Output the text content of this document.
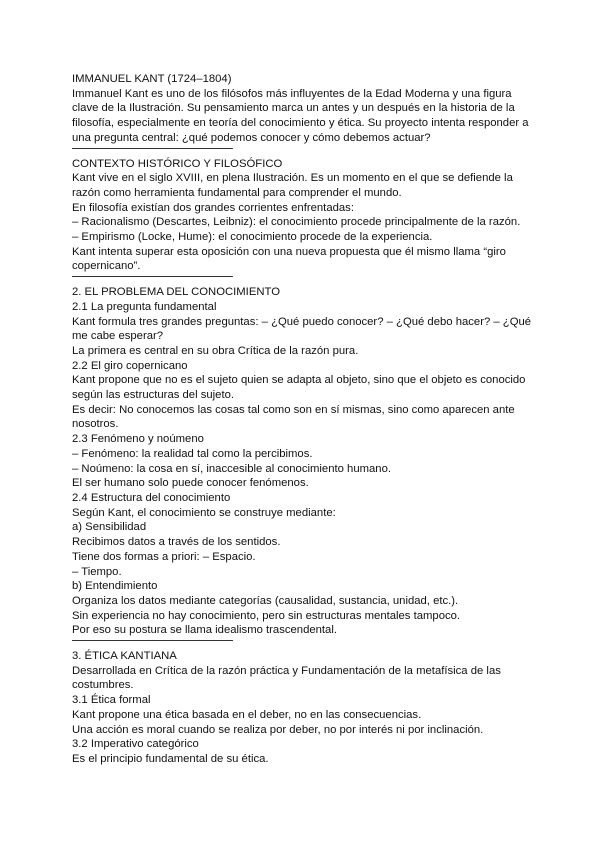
IMMANUEL KANT (1724–1804)

Immanuel Kant es uno de los filósofos más influyentes de la Edad Moderna y una figura clave de la Ilustración. Su pensamiento marca un antes y un después en la historia de la filosofía, especialmente en teoría del conocimiento y ética. Su proyecto intenta responder a una pregunta central: ¿qué podemos conocer y cómo debemos actuar?

CONTEXTO HISTÓRICO Y FILOSÓFICO

Kant vive en el siglo XVIII, en plena Ilustración. Es un momento en el que se defiende la razón como herramienta fundamental para comprender el mundo.

En filosofía existían dos grandes corrientes enfrentadas:

– Racionalismo (Descartes, Leibniz): el conocimiento procede principalmente de la razón.

– Empirismo (Locke, Hume): el conocimiento procede de la experiencia.

Kant intenta superar esta oposición con una nueva propuesta que él mismo llama “giro copernicano”.

2. EL PROBLEMA DEL CONOCIMIENTO

2.1 La pregunta fundamental

Kant formula tres grandes preguntas: – ¿Qué puedo conocer? – ¿Qué debo hacer? – ¿Qué me cabe esperar?

La primera es central en su obra Crítica de la razón pura.

2.2 El giro copernicano

Kant propone que no es el sujeto quien se adapta al objeto, sino que el objeto es conocido según las estructuras del sujeto.

Es decir: No conocemos las cosas tal como son en sí mismas, sino como aparecen ante nosotros.

2.3 Fenómeno y noúmeno

– Fenómeno: la realidad tal como la percibimos.

– Noúmeno: la cosa en sí, inaccesible al conocimiento humano.

El ser humano solo puede conocer fenómenos.

2.4 Estructura del conocimiento

Según Kant, el conocimiento se construye mediante:

a) Sensibilidad

Recibimos datos a través de los sentidos.

Tiene dos formas a priori: – Espacio.

– Tiempo.

b) Entendimiento

Organiza los datos mediante categorías (causalidad, sustancia, unidad, etc.).

Sin experiencia no hay conocimiento, pero sin estructuras mentales tampoco.

Por eso su postura se llama idealismo trascendental.

3. ÉTICA KANTIANA

Desarrollada en Crítica de la razón práctica y Fundamentación de la metafísica de las costumbres.

3.1 Ética formal

Kant propone una ética basada en el deber, no en las consecuencias.

Una acción es moral cuando se realiza por deber, no por interés ni por inclinación.

3.2 Imperativo categórico

Es el principio fundamental de su ética.
